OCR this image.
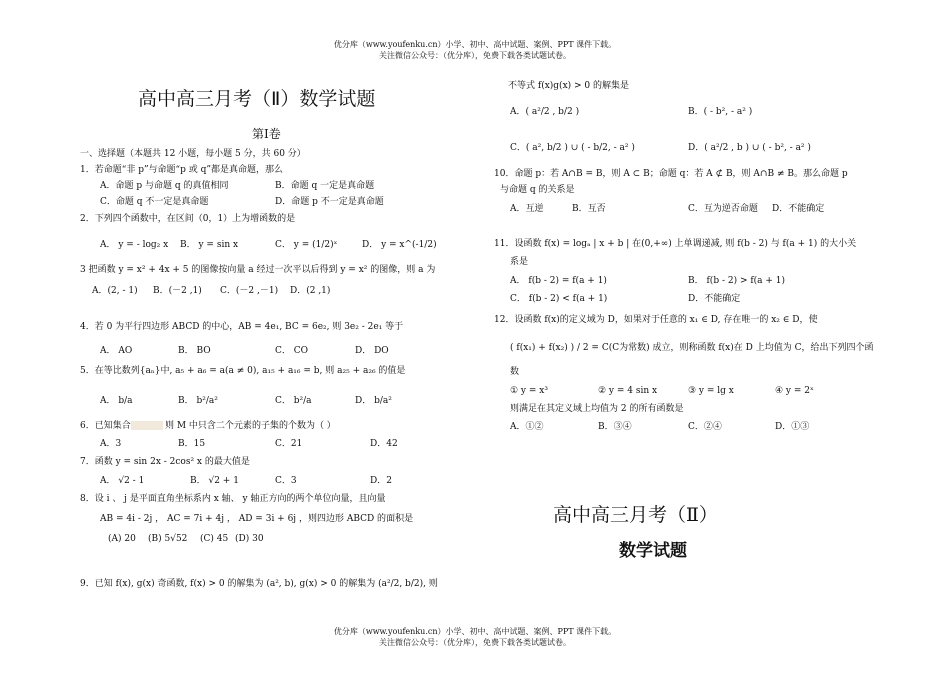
优分库（www.youfenku.cn）小学、初中、高中试题、案例、PPT 课件下载。
关注微信公众号：（优分库），免费下载各类试题试卷。
高中高三月考（Ⅱ）数学试题
第Ⅰ卷
一、选择题（本题共 12 小题，每小题 5 分，共 60 分）
1．若命题“非 p”与命题“p 或 q”都是真命题，那么
A．命题 p 与命题 q 的真值相同	B．命题 q 一定是真命题
C．命题 q 不一定是真命题	D．命题 p 不一定是真命题
2．下列四个函数中，在区间（0，1）上为增函数的是
A． y = - log₂ x B． y = sin x	C． y = (1/2)ˣ	D． y = x^(-1/2)
3 把函数 y = x² + 4x + 5 的图像按向量 a 经过一次平以后得到 y = x² 的图像，则 a 为
A．(2, - 1) B．(－2 ,1) C．(－2 ,－1) D．(2 ,1)
4．若 0 为平行四边形 ABCD 的中心，AB = 4e₁, BC = 6e₂, 则 3e₂ - 2e₁ 等于
A． AO	B． BO	C． CO	D． DO
5．在等比数列{aₙ}中, a₅ + a₆ = a(a ≠ 0), a₁₅ + a₁₆ = b, 则 a₂₅ + a₂₆ 的值是
A． b/a	B． b²/a²	C． b²/a	D． b/a²
6．已知集合	则 M 中只含二个元素的子集的个数为（ ）
A．3	B．15	C．21	D．42
7．函数 y = sin 2x - 2cos² x 的最大值是
A． √2 - 1	B． √2 + 1	C．3	D．2
8．设 i 、 j 是平面直角坐标系内 x 轴、 y 轴正方向的两个单位向量，且向量
AB = 4i - 2j ， AC = 7i + 4j ， AD = 3i + 6j ，则四边形 ABCD 的面积是
(A) 20 (B) 5√52 (C) 45 (D) 30
9．已知 f(x), g(x) 奇函数, f(x) > 0 的解集为 (a², b), g(x) > 0 的解集为 (a²/2, b/2), 则
不等式 f(x)g(x) > 0 的解集是
A．( a²/2 , b/2 )	B．( - b², - a² )
C．( a², b/2 ) ∪ ( - b/2, - a² )	D．( a²/2 , b ) ∪ ( - b², - a² )
10．命题 p：若 A∩B = B，则 A ⊂ B；命题 q：若 A ⊄ B，则 A∩B ≠ B。那么命题 p
与命题 q 的关系是
A．互逆	B．互否	C．互为逆否命题 D．不能确定
11．设函数 f(x) = logₐ | x + b | 在(0,+∞) 上单调递减, 则 f(b - 2) 与 f(a + 1) 的大小关
系是
A． f(b - 2) = f(a + 1)	B． f(b - 2) > f(a + 1)
C． f(b - 2) < f(a + 1)	D．不能确定
12．设函数 f(x)的定义域为 D，如果对于任意的 x₁ ∈ D, 存在唯一的 x₂ ∈ D，使
( f(x₁) + f(x₂) ) / 2 = C(C为常数) 成立，则称函数 f(x)在 D 上均值为 C，给出下列四个函
数
① y = x³	② y = 4 sin x	③ y = lg x	④ y = 2ˣ
则满足在其定义域上均值为 2 的所有函数是
A．①②	B．③④	C．②④	D．①③
高中高三月考（Ⅱ）
数学试题
优分库（www.youfenku.cn）小学、初中、高中试题、案例、PPT 课件下载。
关注微信公众号：（优分库），免费下载各类试题试卷。
